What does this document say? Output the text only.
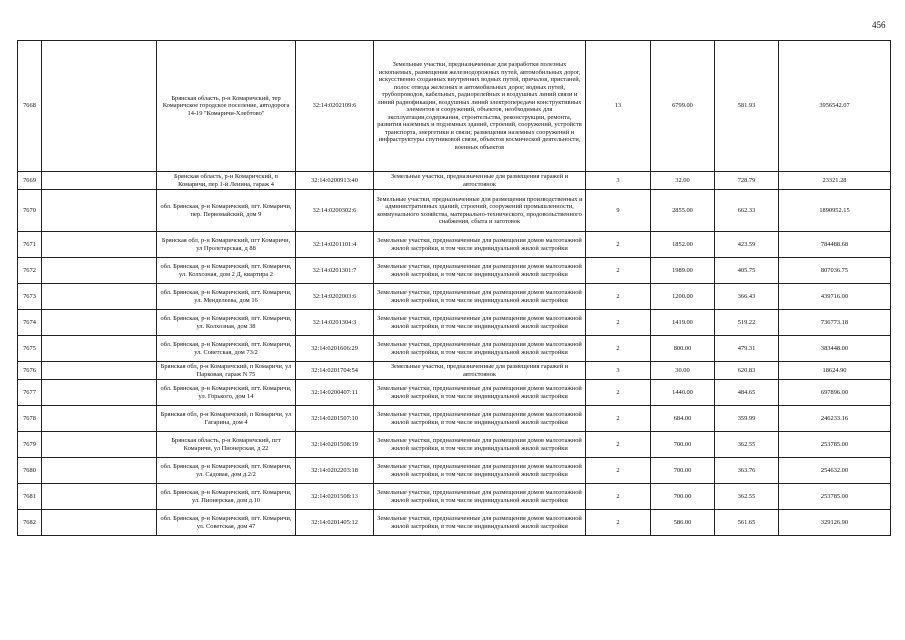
456
7668		Брянская область, р-н Комаричский, тер Комаричское городское поселение, автодорога 14-19 "Комаричи-Хлебтово"	32:14:0202109:6	Земельные участки, предназначенные для разработки полезных ископаемых, размещения железнодорожных путей, автомобильных дорог, искусственно созданных внутренних водных путей, причалов, пристаней, полос отвода железных и автомобильных дорог, водных путей, трубопроводов, кабельных, радиорелейных и воздушных линий связи и линий радиофикации, воздушных линий электропередачи конструктивных элементов и сооружений, объектов, необходимых для эксплуатации,содержания, строительства, реконструкции, ремонта, развития наземных и подземных зданий, строений, сооружений, устройств транспорта, энергетики и связи; размещения наземных сооружений и инфраструктуры спутниковой связи, объектов космической деятельности, военных объектов	13	6799.00	581.93	3956542.07
7669		Брянская область, р-н Комаричский, п Комаричи, пер 1-й Ленина, гараж 4	32:14:0200913:40	Земельные участки, предназначенные для размещения гаражей и автостоянок	3	32.00	728.79	23321.28
7670		обл. Брянская, р-н Комаричский, пгт. Комаричи, пер. Первомайский, дом 9	32:14:0200302:6	Земельные участки, предназначенные для размещения производственных и административных зданий, строений, сооружений промышленности, коммунального хозяйства, материально-технического, продовольственного снабжения, сбыта и заготовок	9	2855.00	662.33	1890952.15
7671		Брянская обл, р-н Комаричский, пгт Комаричи, ул Пролетарская, д 88	32:14:0201101:4	Земельные участки, предназначенные для размещения домов малоэтажной жилой застройки, в том числе индивидуальной жилой застройки	2	1852.00	423.59	784488.68
7672		обл. Брянская, р-н Комаричский, пгт. Комаричи, ул. Колхозная, дом 2 Д, квартира 2	32:14:0201301:7	Земельные участки, предназначенные для размещения домов малоэтажной жилой застройки, в том числе индивидуальной жилой застройки	2	1989.00	405.75	807036.75
7673		обл. Брянская, р-н Комаричский, пгт. Комаричи, ул. Менделеева, дом 16	32:14:0202003:6	Земельные участки, предназначенные для размещения домов малоэтажной жилой застройки, в том числе индивидуальной жилой застройки	2	1200.00	366.43	439716.00
7674		обл. Брянская, р-н Комаричский, пгт. Комаричи, ул. Колхозная, дом 38	32:14:0201304:3	Земельные участки, предназначенные для размещения домов малоэтажной жилой застройки, в том числе индивидуальной жилой застройки	2	1419.00	519.22	736773.18
7675		обл. Брянская, р-н Комаричский, пгт. Комаричи, ул. Советская, дом 73/2	32:14:0201606:29	Земельные участки, предназначенные для размещения домов малоэтажной жилой застройки, в том числе индивидуальной жилой застройки	2	800.00	479.31	383448.00
7676		Брянская обл, р-н Комаричский, п Комаричи, ул Парковая, гараж N 75	32:14:0201704:54	Земельные участки, предназначенные для размещения гаражей и автостоянок	3	30.00	620.83	18624.90
7677		обл. Брянская, р-н Комаричский, пгт. Комаричи, ул. Горького, дом 14	32:14:0200407:11	Земельные участки, предназначенные для размещения домов малоэтажной жилой застройки, в том числе индивидуальной жилой застройки	2	1440.00	484.65	697896.00
7678		Брянская обл, р-н Комаричский, п Комаричи, ул Гагарина, дом 4	32:14:0201507:10	Земельные участки, предназначенные для размещения домов малоэтажной жилой застройки, в том числе индивидуальной жилой застройки	2	684.00	359.99	246233.16
7679		Брянская область, р-н Комаричский, пгт Комаричи, ул Пионерская, д 22	32:14:0201508:19	Земельные участки, предназначенные для размещения домов малоэтажной жилой застройки, в том числе индивидуальной жилой застройки	2	700.00	362.55	253785.00
7680		обл. Брянская, р-н Комаричский, пгт. Комаричи, ул. Садовая, дом д.2/2	32:14:0202203:18	Земельные участки, предназначенные для размещения домов малоэтажной жилой застройки, в том числе индивидуальной жилой застройки	2	700.00	363.76	254632.00
7681		обл. Брянская, р-н Комаричский, пгт. Комаричи, ул. Пионерская, дом д.10	32:14:0201508:13	Земельные участки, предназначенные для размещения домов малоэтажной жилой застройки, в том числе индивидуальной жилой застройки	2	700.00	362.55	253785.00
7682		обл. Брянская, р-н Комаричский, пгт. Комаричи, ул. Советская, дом 47	32:14:0201405:12	Земельные участки, предназначенные для размещения домов малоэтажной жилой застройки, в том числе индивидуальной жилой застройки	2	586.00	561.65	329126.90
